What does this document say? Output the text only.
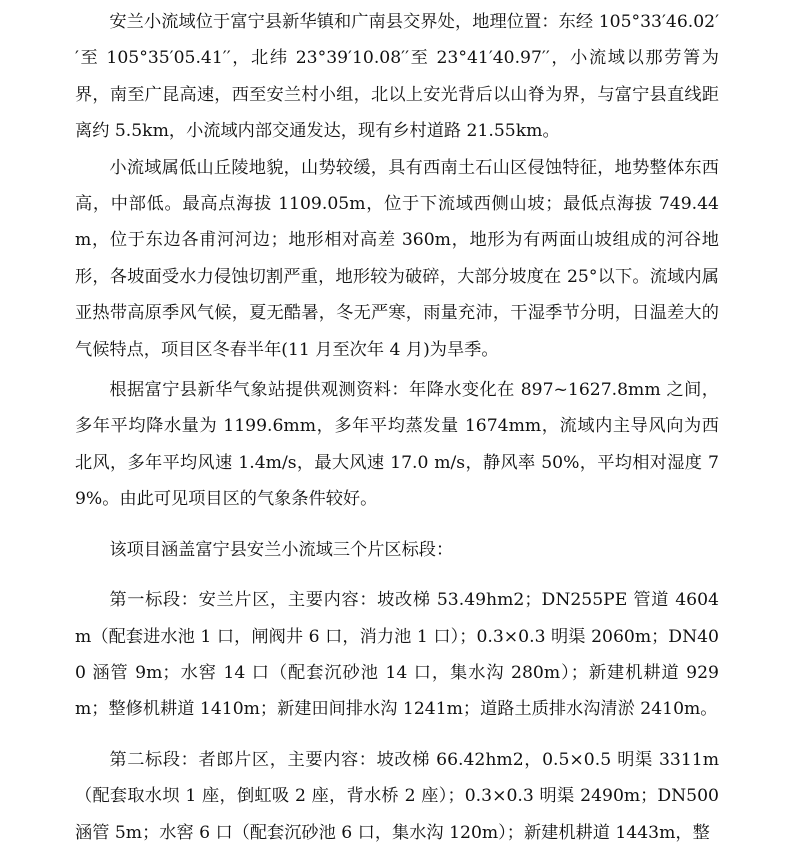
安兰小流域位于富宁县新华镇和广南县交界处，地理位置：东经 105°33′46.02′′至 105°35′05.41′′，北纬 23°39′10.08′′至 23°41′40.97′′，小流域以那劳箐为界，南至广昆高速，西至安兰村小组，北以上安光背后以山脊为界，与富宁县直线距离约 5.5km，小流域内部交通发达，现有乡村道路 21.55km。

小流域属低山丘陵地貌，山势较缓，具有西南土石山区侵蚀特征，地势整体东西高，中部低。最高点海拔 1109.05m，位于下流域西侧山坡；最低点海拔 749.44m，位于东边各甫河河边；地形相对高差 360m，地形为有两面山坡组成的河谷地形，各坡面受水力侵蚀切割严重，地形较为破碎，大部分坡度在 25°以下。流域内属亚热带高原季风气候，夏无酷暑，冬无严寒，雨量充沛，干湿季节分明，日温差大的气候特点，项目区冬春半年(11 月至次年 4 月)为旱季。

根据富宁县新华气象站提供观测资料：年降水变化在 897~1627.8mm 之间，多年平均降水量为 1199.6mm，多年平均蒸发量 1674mm，流域内主导风向为西北风，多年平均风速 1.4m/s，最大风速 17.0 m/s，静风率 50%，平均相对湿度 79%。由此可见项目区的气象条件较好。

该项目涵盖富宁县安兰小流域三个片区标段：

第一标段：安兰片区，主要内容：坡改梯 53.49hm2；DN255PE 管道 4604m（配套进水池 1 口，闸阀井 6 口，消力池 1 口）；0.3×0.3 明渠 2060m；DN400 涵管 9m；水窖 14 口（配套沉砂池 14 口，集水沟 280m）；新建机耕道 929m；整修机耕道 1410m；新建田间排水沟 1241m；道路土质排水沟清淤 2410m。

第二标段：者郎片区，主要内容：坡改梯 66.42hm2，0.5×0.5 明渠 3311m（配套取水坝 1 座，倒虹吸 2 座，背水桥 2 座）；0.3×0.3 明渠 2490m；DN500 涵管 5m；水窖 6 口（配套沉砂池 6 口，集水沟 120m）；新建机耕道 1443m，整
